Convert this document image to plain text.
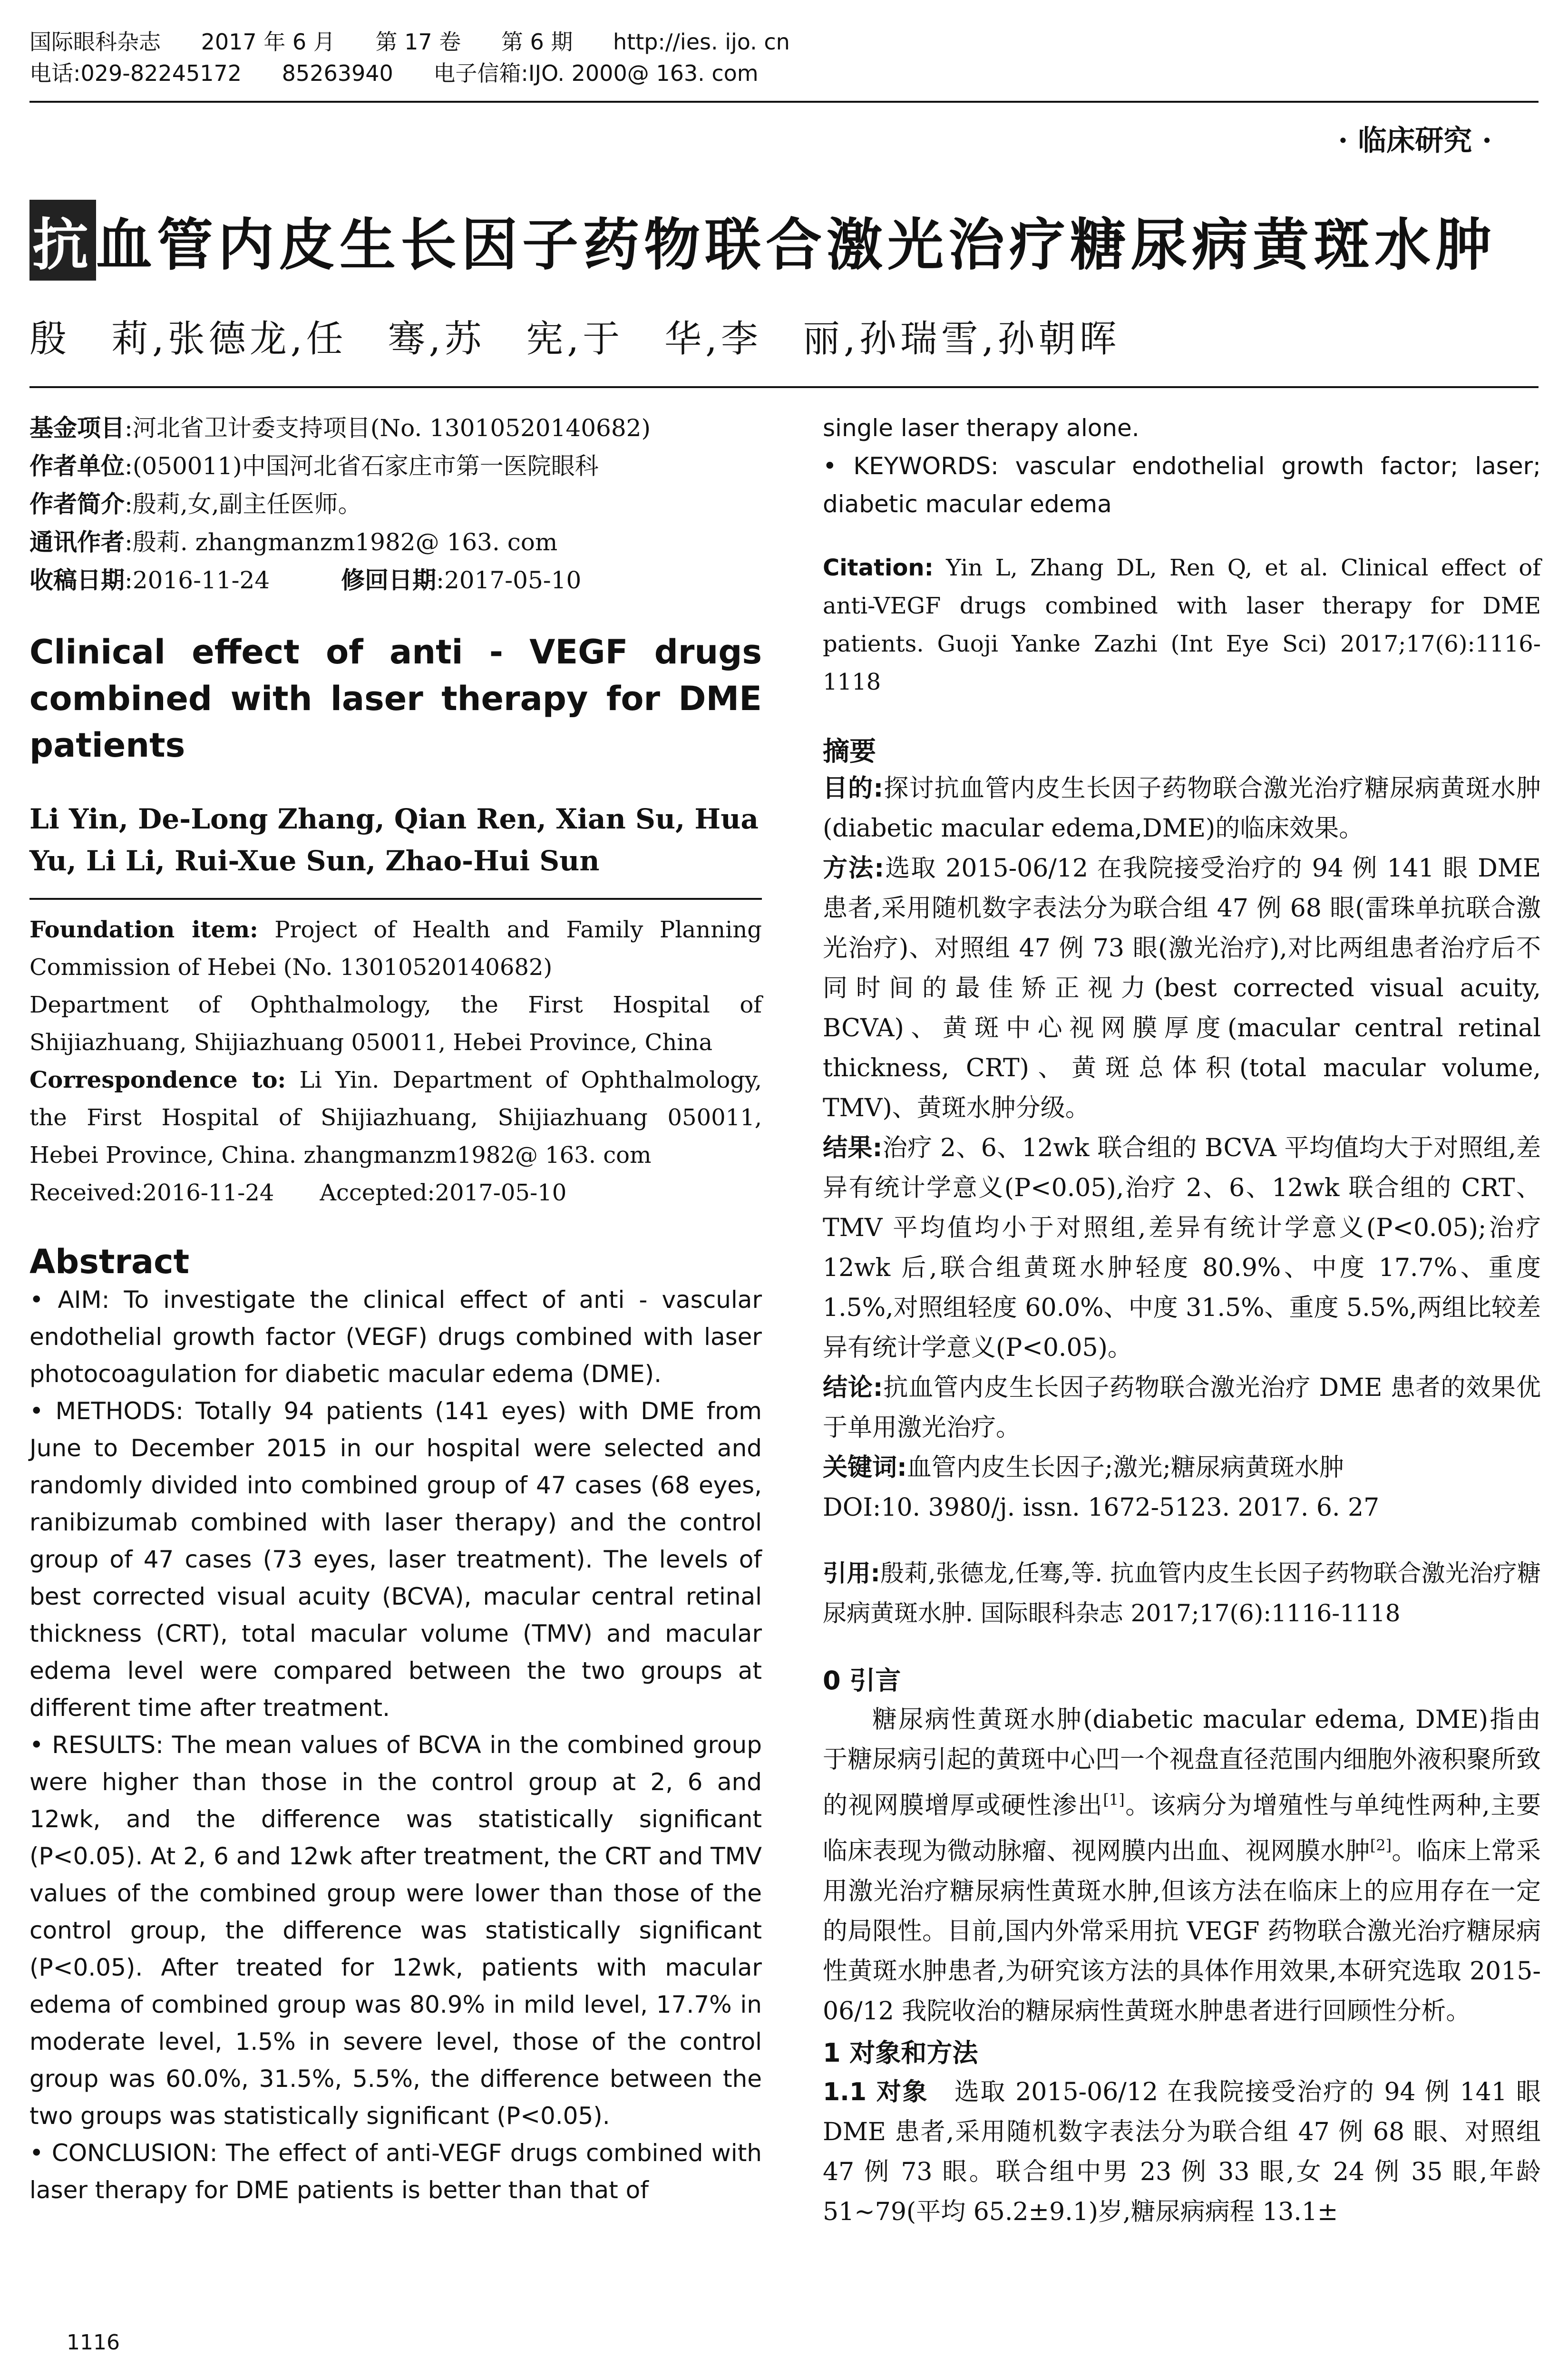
国际眼科杂志 2017 年 6 月 第 17 卷 第 6 期 http://ies. ijo. cn
电话:029-82245172 85263940 电子信箱:IJO. 2000@ 163. com
· 临床研究 ·
抗血管内皮生长因子药物联合激光治疗糖尿病黄斑水肿
殷　莉,张德龙,任　骞,苏　宪,于　华,李　丽,孙瑞雪,孙朝晖

基金项目:河北省卫计委支持项目(No. 13010520140682)

作者单位:(050011)中国河北省石家庄市第一医院眼科

作者简介:殷莉,女,副主任医师。

通讯作者:殷莉. zhangmanzm1982@ 163. com

收稿日期:2016-11-24　　　	修回日期:2017-05-10

Clinical effect of anti - VEGF drugs combined with laser therapy for DME patients
Li Yin, De-Long Zhang, Qian Ren, Xian Su, Hua Yu, Li Li, Rui-Xue Sun, Zhao-Hui Sun

Foundation item: Project of Health and Family Planning Commission of Hebei (No. 13010520140682)

Department of Ophthalmology, the First Hospital of Shijiazhuang, Shijiazhuang 050011, Hebei Province, China

Correspondence to: Li Yin. Department of Ophthalmology, the First Hospital of Shijiazhuang, Shijiazhuang 050011, Hebei Province, China. zhangmanzm1982@ 163. com

Received:2016-11-24　　Accepted:2017-05-10

Abstract

• AIM: To investigate the clinical effect of anti - vascular endothelial growth factor (VEGF) drugs combined with laser photocoagulation for diabetic macular edema (DME).

• METHODS: Totally 94 patients (141 eyes) with DME from June to December 2015 in our hospital were selected and randomly divided into combined group of 47 cases (68 eyes, ranibizumab combined with laser therapy) and the control group of 47 cases (73 eyes, laser treatment). The levels of best corrected visual acuity (BCVA), macular central retinal thickness (CRT), total macular volume (TMV) and macular edema level were compared between the two groups at different time after treatment.

• RESULTS: The mean values of BCVA in the combined group were higher than those in the control group at 2, 6 and 12wk, and the difference was statistically significant (P<0.05). At 2, 6 and 12wk after treatment, the CRT and TMV values of the combined group were lower than those of the control group, the difference was statistically significant (P<0.05). After treated for 12wk, patients with macular edema of combined group was 80.9% in mild level, 17.7% in moderate level, 1.5% in severe level, those of the control group was 60.0%, 31.5%, 5.5%, the difference between the two groups was statistically significant (P<0.05).

• CONCLUSION: The effect of anti-VEGF drugs combined with laser therapy for DME patients is better than that of

1116

single laser therapy alone.

• KEYWORDS: vascular endothelial growth factor; laser; diabetic macular edema

Citation: Yin L, Zhang DL, Ren Q, et al. Clinical effect of anti-VEGF drugs combined with laser therapy for DME patients. Guoji Yanke Zazhi (Int Eye Sci) 2017;17(6):1116-1118
摘要

目的:探讨抗血管内皮生长因子药物联合激光治疗糖尿病黄斑水肿(diabetic macular edema,DME)的临床效果。

方法:选取 2015-06/12 在我院接受治疗的 94 例 141 眼 DME 患者,采用随机数字表法分为联合组 47 例 68 眼(雷珠单抗联合激光治疗)、对照组 47 例 73 眼(激光治疗),对比两组患者治疗后不同时间的最佳矫正视力(best corrected visual acuity, BCVA)、黄斑中心视网膜厚度(macular central retinal thickness, CRT)、黄斑总体积(total macular volume, TMV)、黄斑水肿分级。

结果:治疗 2、6、12wk 联合组的 BCVA 平均值均大于对照组,差异有统计学意义(P<0.05),治疗 2、6、12wk 联合组的 CRT、TMV 平均值均小于对照组,差异有统计学意义(P<0.05);治疗 12wk 后,联合组黄斑水肿轻度 80.9%、中度 17.7%、重度 1.5%,对照组轻度 60.0%、中度 31.5%、重度 5.5%,两组比较差异有统计学意义(P<0.05)。

结论:抗血管内皮生长因子药物联合激光治疗 DME 患者的效果优于单用激光治疗。

关键词:血管内皮生长因子;激光;糖尿病黄斑水肿

DOI:10. 3980/j. issn. 1672-5123. 2017. 6. 27

引用:殷莉,张德龙,任骞,等. 抗血管内皮生长因子药物联合激光治疗糖尿病黄斑水肿. 国际眼科杂志 2017;17(6):1116-1118
0 引言

糖尿病性黄斑水肿(diabetic macular edema, DME)指由于糖尿病引起的黄斑中心凹一个视盘直径范围内细胞外液积聚所致的视网膜增厚或硬性渗出[1]。该病分为增殖性与单纯性两种,主要临床表现为微动脉瘤、视网膜内出血、视网膜水肿[2]。临床上常采用激光治疗糖尿病性黄斑水肿,但该方法在临床上的应用存在一定的局限性。目前,国内外常采用抗 VEGF 药物联合激光治疗糖尿病性黄斑水肿患者,为研究该方法的具体作用效果,本研究选取 2015-06/12 我院收治的糖尿病性黄斑水肿患者进行回顾性分析。

1 对象和方法

1.1 对象　选取 2015-06/12 在我院接受治疗的 94 例 141 眼 DME 患者,采用随机数字表法分为联合组 47 例 68 眼、对照组 47 例 73 眼。联合组中男 23 例 33 眼,女 24 例 35 眼,年龄 51~79(平均 65.2±9.1)岁,糖尿病病程 13.1±
